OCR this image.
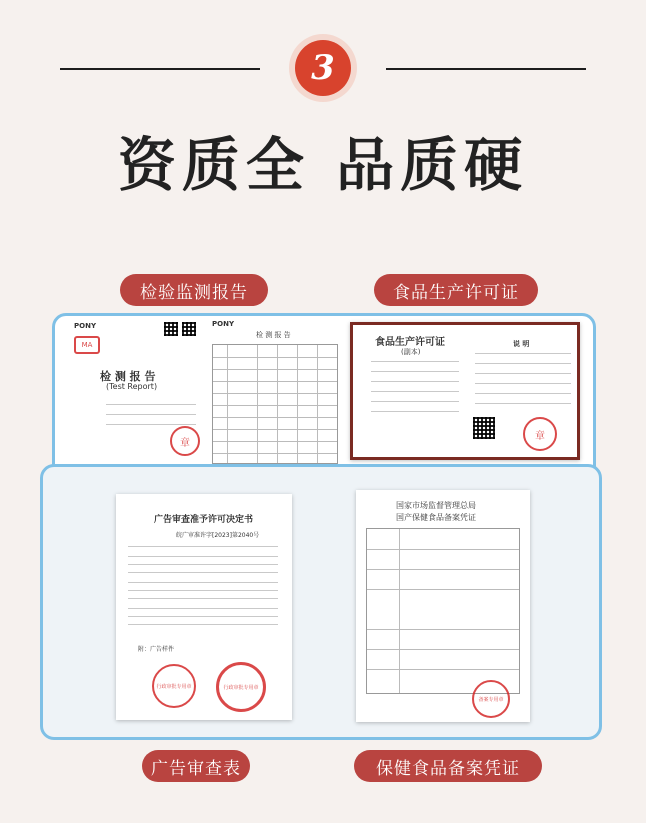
3
资质全 品质硬
检验监测报告	食品生产许可证
PONY
MA
检 测 报 告
(Test Report)
章
PONY
检 测 报 告
食品生产许可证
(副本)
说 明
章
广告审查准予许可决定书
皖广审准许字[2023]第2040号
附：广告样件
行政审批专用章	行政审批专用章
国家市场监督管理总局
国产保健食品备案凭证
备案专用章
广告审查表	保健食品备案凭证
